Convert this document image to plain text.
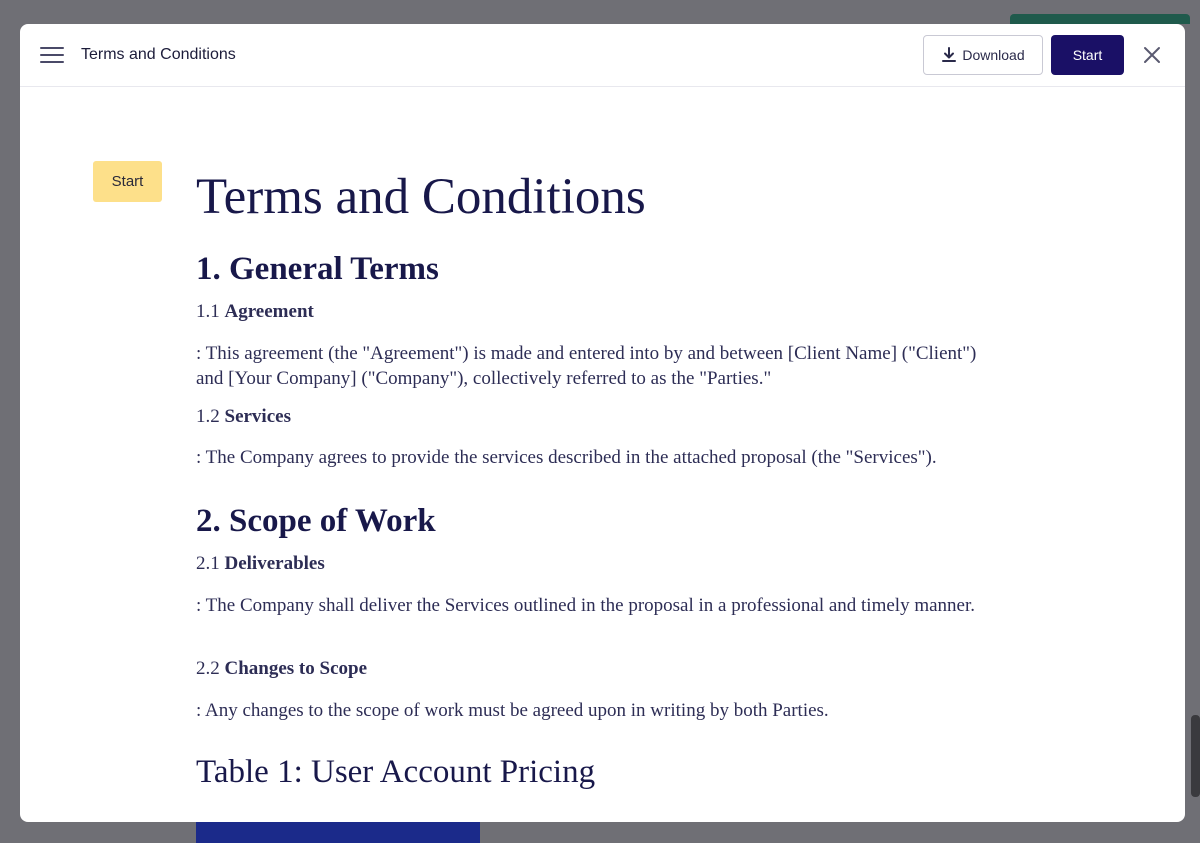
Terms and Conditions	Download	Start
Start	Terms and Conditions
1. General Terms
1.1 Agreement
: This agreement (the "Agreement") is made and entered into by and between [Client Name] ("Client") and [Your Company] ("Company"), collectively referred to as the "Parties."
1.2 Services
: The Company agrees to provide the services described in the attached proposal (the "Services").
2. Scope of Work
2.1 Deliverables
: The Company shall deliver the Services outlined in the proposal in a professional and timely manner.
2.2 Changes to Scope
: Any changes to the scope of work must be agreed upon in writing by both Parties.
Table 1: User Account Pricing
